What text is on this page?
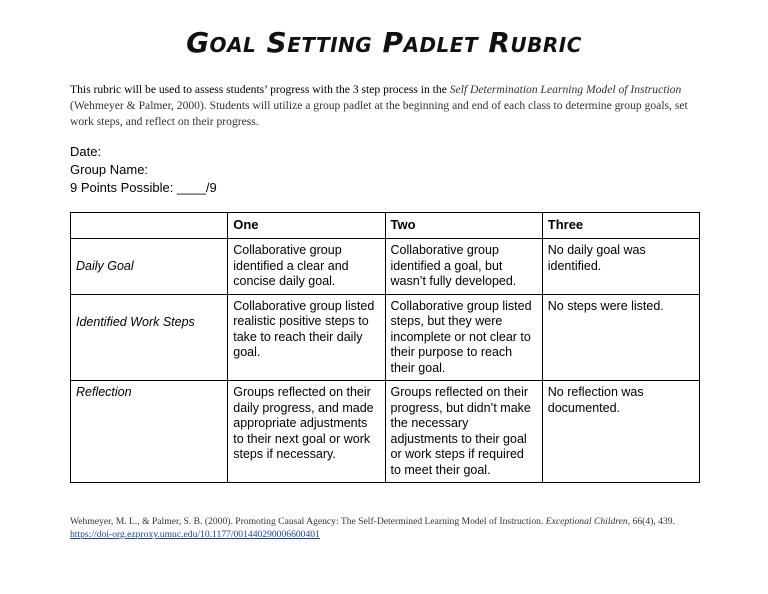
Goal Setting Padlet Rubric
This rubric will be used to assess students’ progress with the 3 step process in the Self Determination Learning Model of Instruction (Wehmeyer & Palmer, 2000). Students will utilize a group padlet at the beginning and end of each class to determine group goals, set work steps, and reflect on their progress.
Date:
Group Name:
9 Points Possible: ____/9
	One	Two	Three
Daily Goal	Collaborative group identified a clear and concise daily goal.	Collaborative group identified a goal, but wasn’t fully developed.	No daily goal was identified.
Identified Work Steps	Collaborative group listed realistic positive steps to take to reach their daily goal.	Collaborative group listed steps, but they were incomplete or not clear to their purpose to reach their goal.	No steps were listed.
Reflection	Groups reflected on their daily progress, and made appropriate adjustments to their next goal or work steps if necessary.	Groups reflected on their progress, but didn’t make the necessary adjustments to their goal or work steps if required to meet their goal.	No reflection was documented.
Wehmeyer, M. L., & Palmer, S. B. (2000). Promoting Causal Agency: The Self-Determined Learning Model of Instruction. Exceptional Children, 66(4), 439.
https://doi-org.ezproxy.umuc.edu/10.1177/001440290006600401
